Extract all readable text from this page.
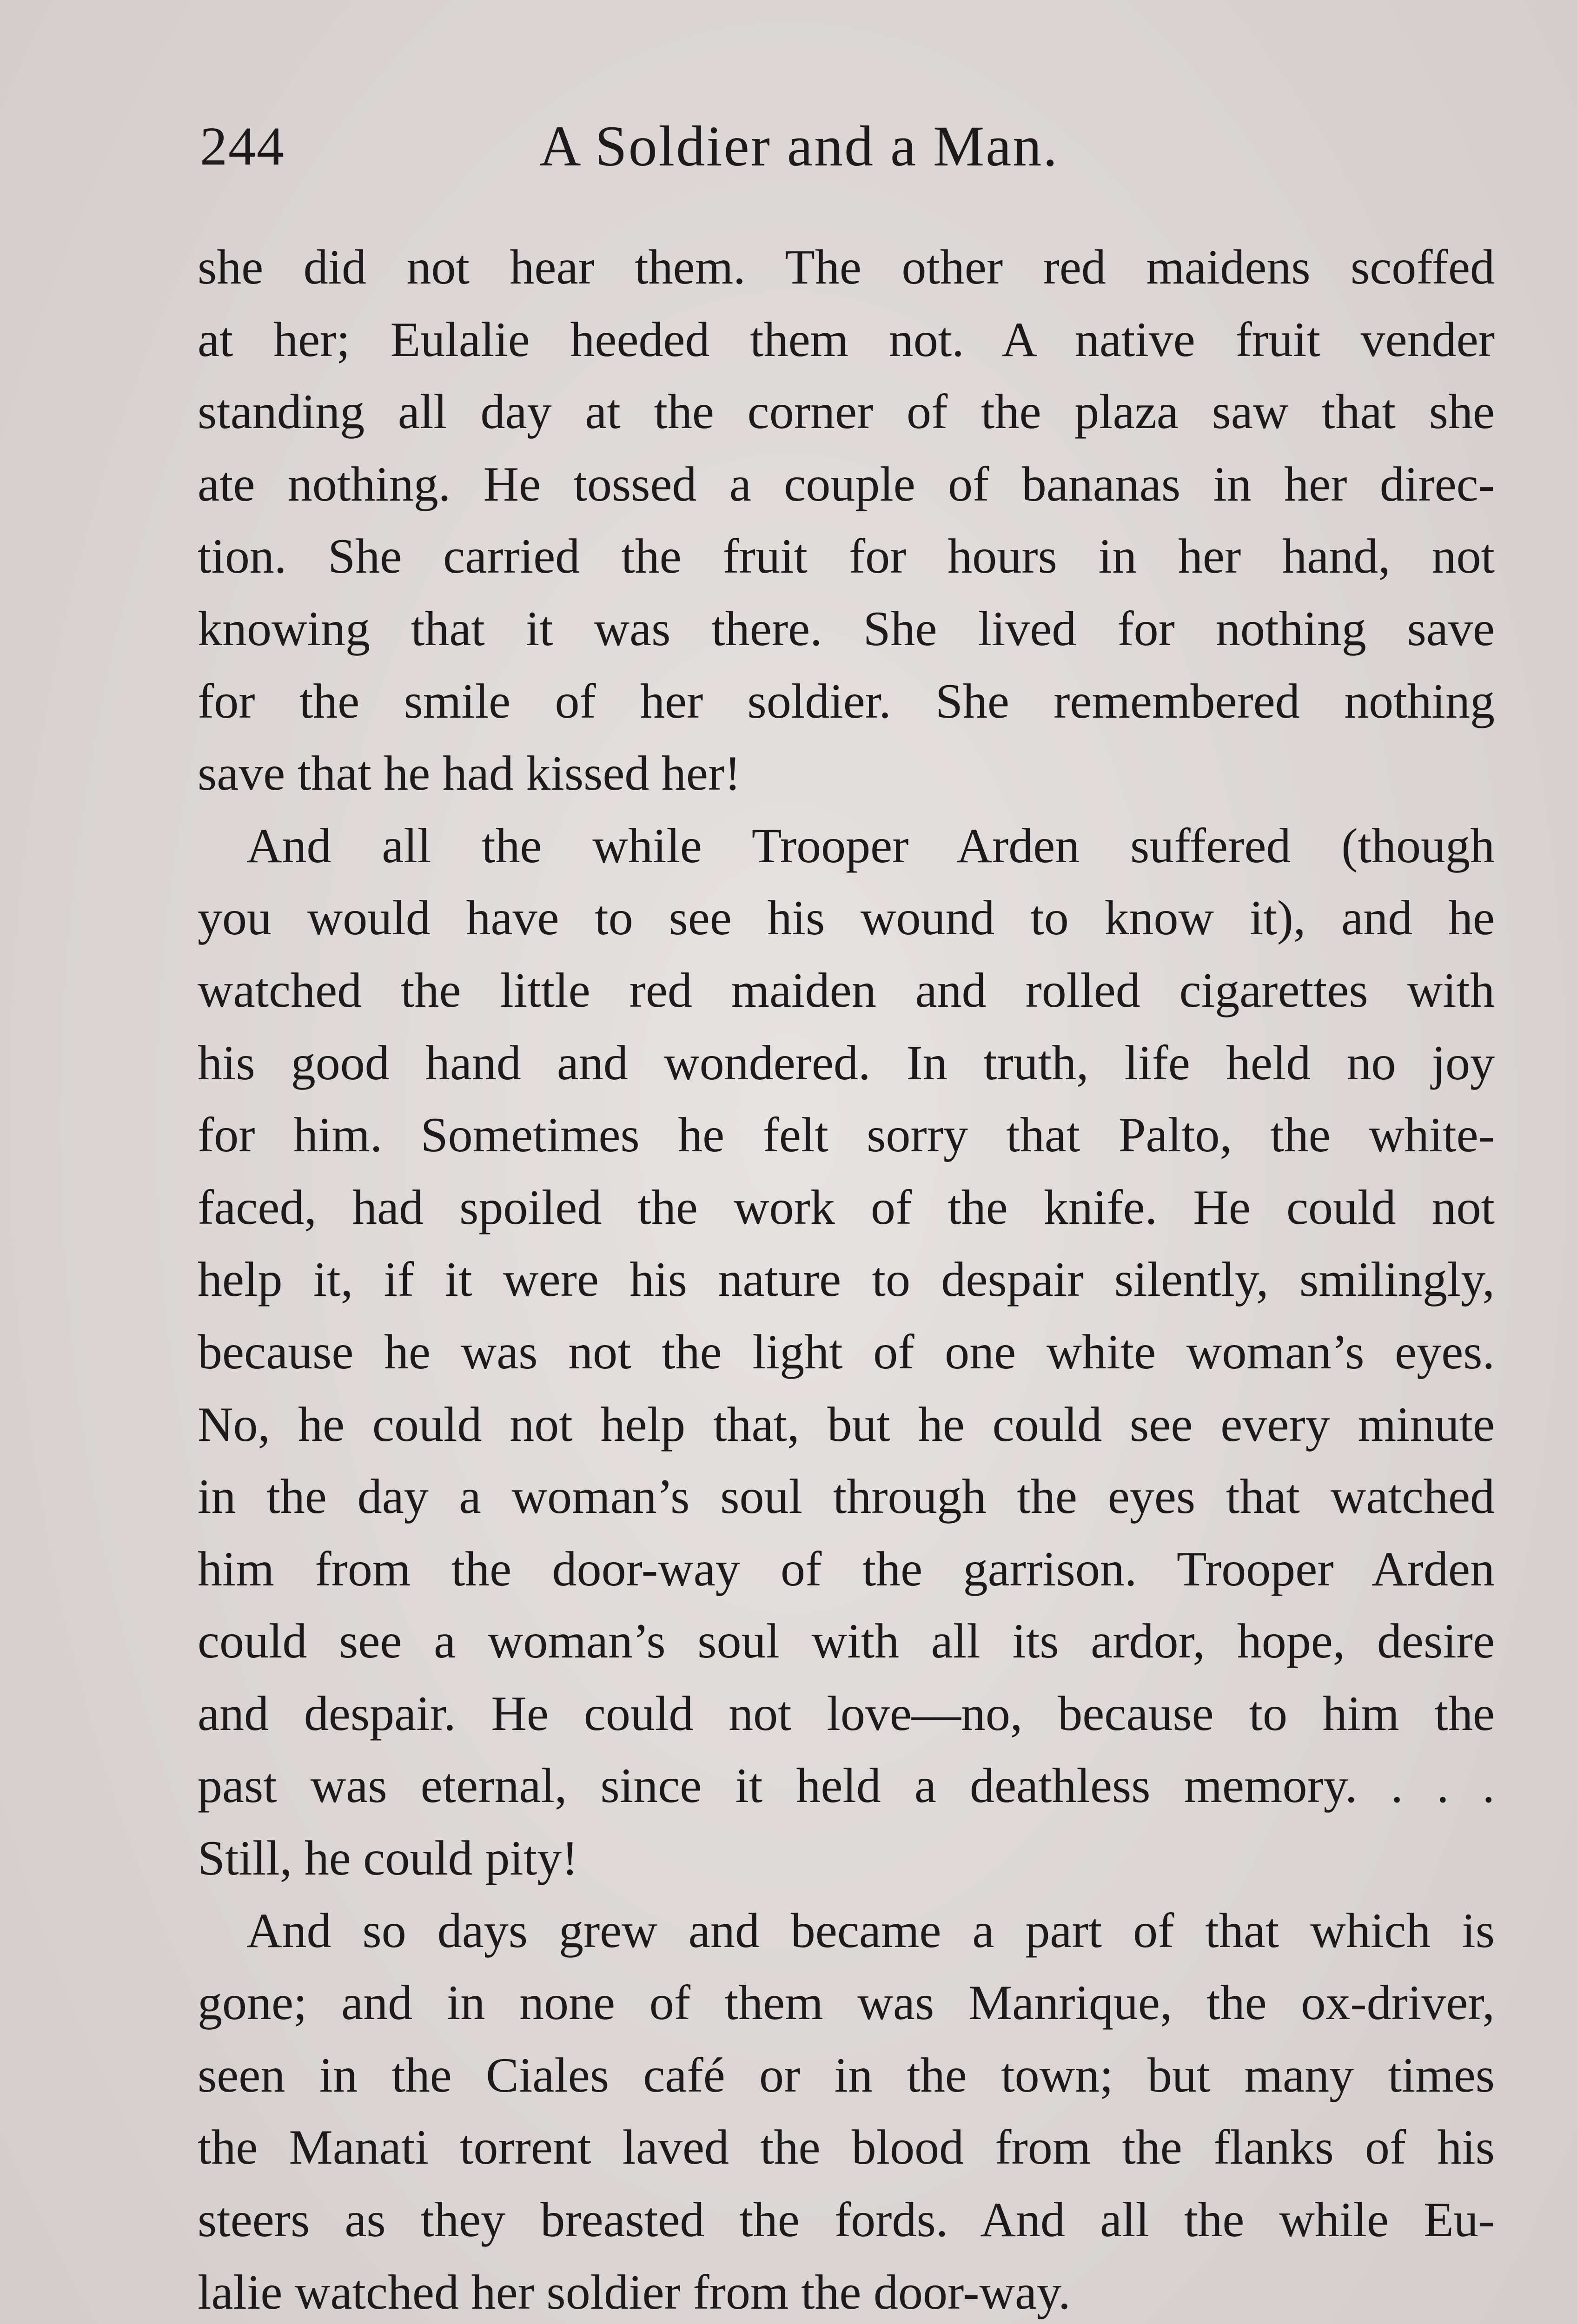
244	A Soldier and a Man.
she did not hear them. The other red maidens scoffed
at her; Eulalie heeded them not. A native fruit vender
standing all day at the corner of the plaza saw that she
ate nothing. He tossed a couple of bananas in her direc-
tion. She carried the fruit for hours in her hand, not
knowing that it was there. She lived for nothing save
for the smile of her soldier. She remembered nothing
save that he had kissed her!
And all the while Trooper Arden suffered (though
you would have to see his wound to know it), and he
watched the little red maiden and rolled cigarettes with
his good hand and wondered. In truth, life held no joy
for him. Sometimes he felt sorry that Palto, the white-
faced, had spoiled the work of the knife. He could not
help it, if it were his nature to despair silently, smilingly,
because he was not the light of one white woman’s eyes.
No, he could not help that, but he could see every minute
in the day a woman’s soul through the eyes that watched
him from the door-way of the garrison. Trooper Arden
could see a woman’s soul with all its ardor, hope, desire
and despair. He could not love—no, because to him the
past was eternal, since it held a deathless memory. . . .
Still, he could pity!
And so days grew and became a part of that which is
gone; and in none of them was Manrique, the ox-driver,
seen in the Ciales café or in the town; but many times
the Manati torrent laved the blood from the flanks of his
steers as they breasted the fords. And all the while Eu-
lalie watched her soldier from the door-way.
